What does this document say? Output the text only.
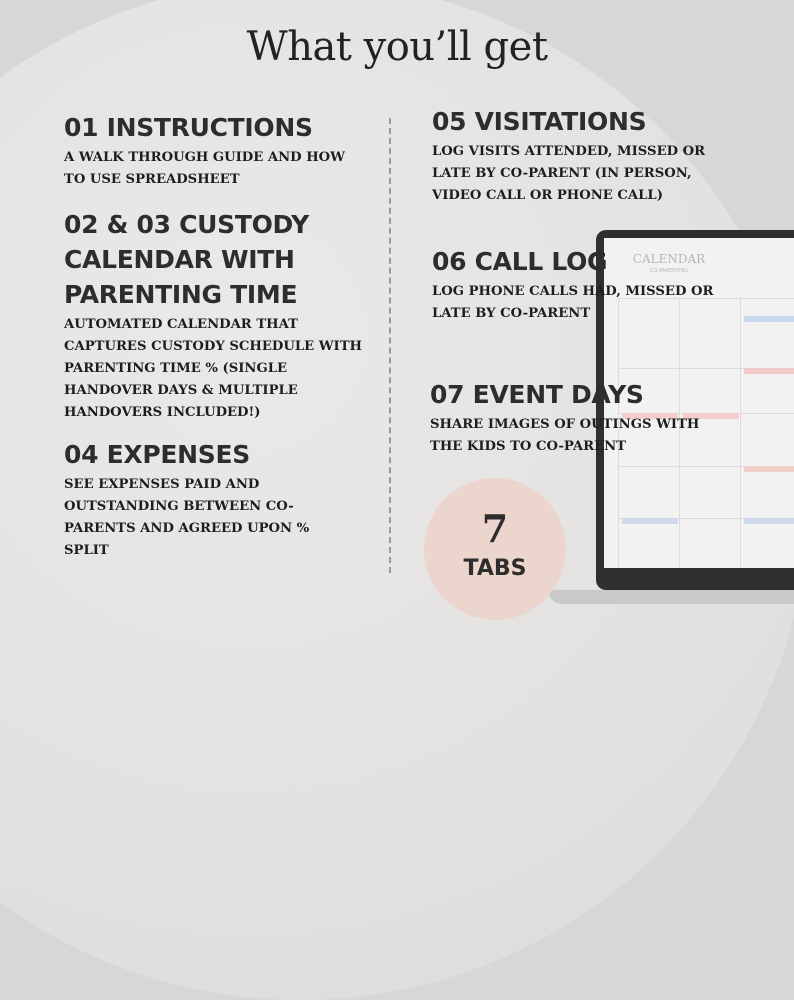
What you’ll get
CALENDAR
CO-PARENTING
01 INSTRUCTIONS

A WALK THROUGH GUIDE AND HOW TO USE SPREADSHEET

02 & 03 CUSTODY CALENDAR WITH PARENTING TIME

AUTOMATED CALENDAR THAT CAPTURES CUSTODY SCHEDULE WITH PARENTING TIME % (SINGLE HANDOVER DAYS & MULTIPLE HANDOVERS INCLUDED!)

04 EXPENSES

SEE EXPENSES PAID AND OUTSTANDING BETWEEN CO-PARENTS AND AGREED UPON % SPLIT

05 VISITATIONS

LOG VISITS ATTENDED, MISSED OR LATE BY CO-PARENT (IN PERSON, VIDEO CALL OR PHONE CALL)

06 CALL LOG

LOG PHONE CALLS HAD, MISSED OR LATE BY CO-PARENT

07 EVENT DAYS

SHARE IMAGES OF OUTINGS WITH THE KIDS TO CO-PARENT

7
TABS
